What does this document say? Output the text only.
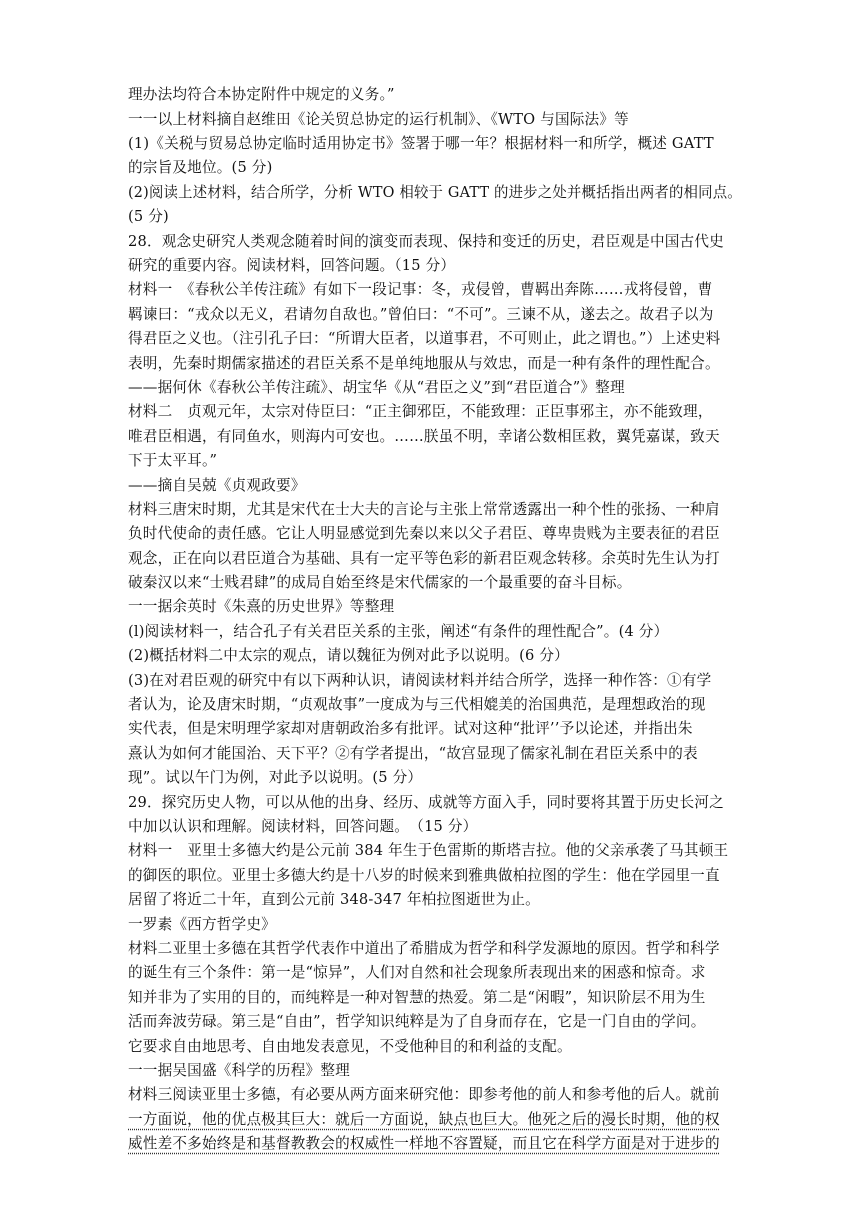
理办法均符合本协定附件中规定的义务。”
一一以上材料摘自赵维田《论关贸总协定的运行机制》、《WTO 与国际法》等
(1)《关税与贸易总协定临时适用协定书》签署于哪一年？根据材料一和所学，概述 GATT
的宗旨及地位。(5 分)
(2)阅读上述材料，结合所学，分析 WTO 相较于 GATT 的进步之处并概括指出两者的相同点。
(5 分)
28．观念史研究人类观念随着时间的演变而表现、保持和变迁的历史，君臣观是中国古代史
研究的重要内容。阅读材料，回答问题。（15 分）
材料一　《春秋公羊传注疏》有如下一段记事：冬，戎侵曾，曹羁出奔陈……戎将侵曾，曹
羁谏曰：“戎众以无义，君请勿自敌也。”曾伯曰：“不可”。三谏不从，遂去之。故君子以为
得君臣之义也。（注引孔子曰：“所谓大臣者，以道事君，不可则止，此之谓也。”）上述史料
表明，先秦时期儒家描述的君臣关系不是单纯地服从与效忠，而是一种有条件的理性配合。
——据何休《春秋公羊传注疏》、胡宝华《从“君臣之义”到“君臣道合”》整理
材料二　贞观元年，太宗对侍臣曰：“正主御邪臣，不能致理：正臣事邪主，亦不能致理，
唯君臣相遇，有同鱼水，则海内可安也。……朕虽不明，幸诸公数相匡救，翼凭嘉谋，致天
下于太平耳。”
——摘自吴兢《贞观政要》
材料三唐宋时期，尤其是宋代在士大夫的言论与主张上常常透露出一种个性的张扬、一种肩
负时代使命的责任感。它让人明显感觉到先秦以来以父子君臣、尊卑贵贱为主要表征的君臣
观念，正在向以君臣道合为基础、具有一定平等色彩的新君臣观念转移。余英时先生认为打
破秦汉以来“士贱君肆”的成局自始至终是宋代儒家的一个最重要的奋斗目标。
一一据余英时《朱熹的历史世界》等整理
(l)阅读材料一，结合孔子有关君臣关系的主张，阐述“有条件的理性配合”。(4 分）
(2)概括材料二中太宗的观点，请以魏征为例对此予以说明。(6 分）
(3)在对君臣观的研究中有以下两种认识，请阅读材料并结合所学，选择一种作答：①有学
者认为，论及唐宋时期，“贞观故事”一度成为与三代相媲美的治国典范，是理想政治的现
实代表，但是宋明理学家却对唐朝政治多有批评。试对这种“批评’’予以论述，并指出朱
熹认为如何才能国治、天下平？②有学者提出，“故宫显现了儒家礼制在君臣关系中的表
现”。试以午门为例，对此予以说明。(5 分）
29．探究历史人物，可以从他的出身、经历、成就等方面入手，同时要将其置于历史长河之
中加以认识和理解。阅读材料，回答问题。　（15 分）
材料一　亚里士多德大约是公元前 384 年生于色雷斯的斯塔吉拉。他的父亲承袭了马其顿王
的御医的职位。亚里士多德大约是十八岁的时候来到雅典做柏拉图的学生：他在学园里一直
居留了将近二十年，直到公元前 348-347 年柏拉图逝世为止。
一罗素《西方哲学史》
材料二亚里士多德在其哲学代表作中道出了希腊成为哲学和科学发源地的原因。哲学和科学
的诞生有三个条件：第一是“惊异”，人们对自然和社会现象所表现出来的困惑和惊奇。求
知并非为了实用的目的，而纯粹是一种对智慧的热爱。第二是“闲暇”，知识阶层不用为生
活而奔波劳碌。第三是“自由”，哲学知识纯粹是为了自身而存在，它是一门自由的学问。
它要求自由地思考、自由地发表意见，不受他种目的和利益的支配。
一一据吴国盛《科学的历程》整理
材料三阅读亚里士多德，有必要从两方面来研究他：即参考他的前人和参考他的后人。就前
一方面说，他的优点极其巨大：就后一方面说，缺点也巨大。他死之后的漫长时期，他的权
威性差不多始终是和基督教教会的权威性一样地不容置疑，而且它在科学方面是对于进步的
